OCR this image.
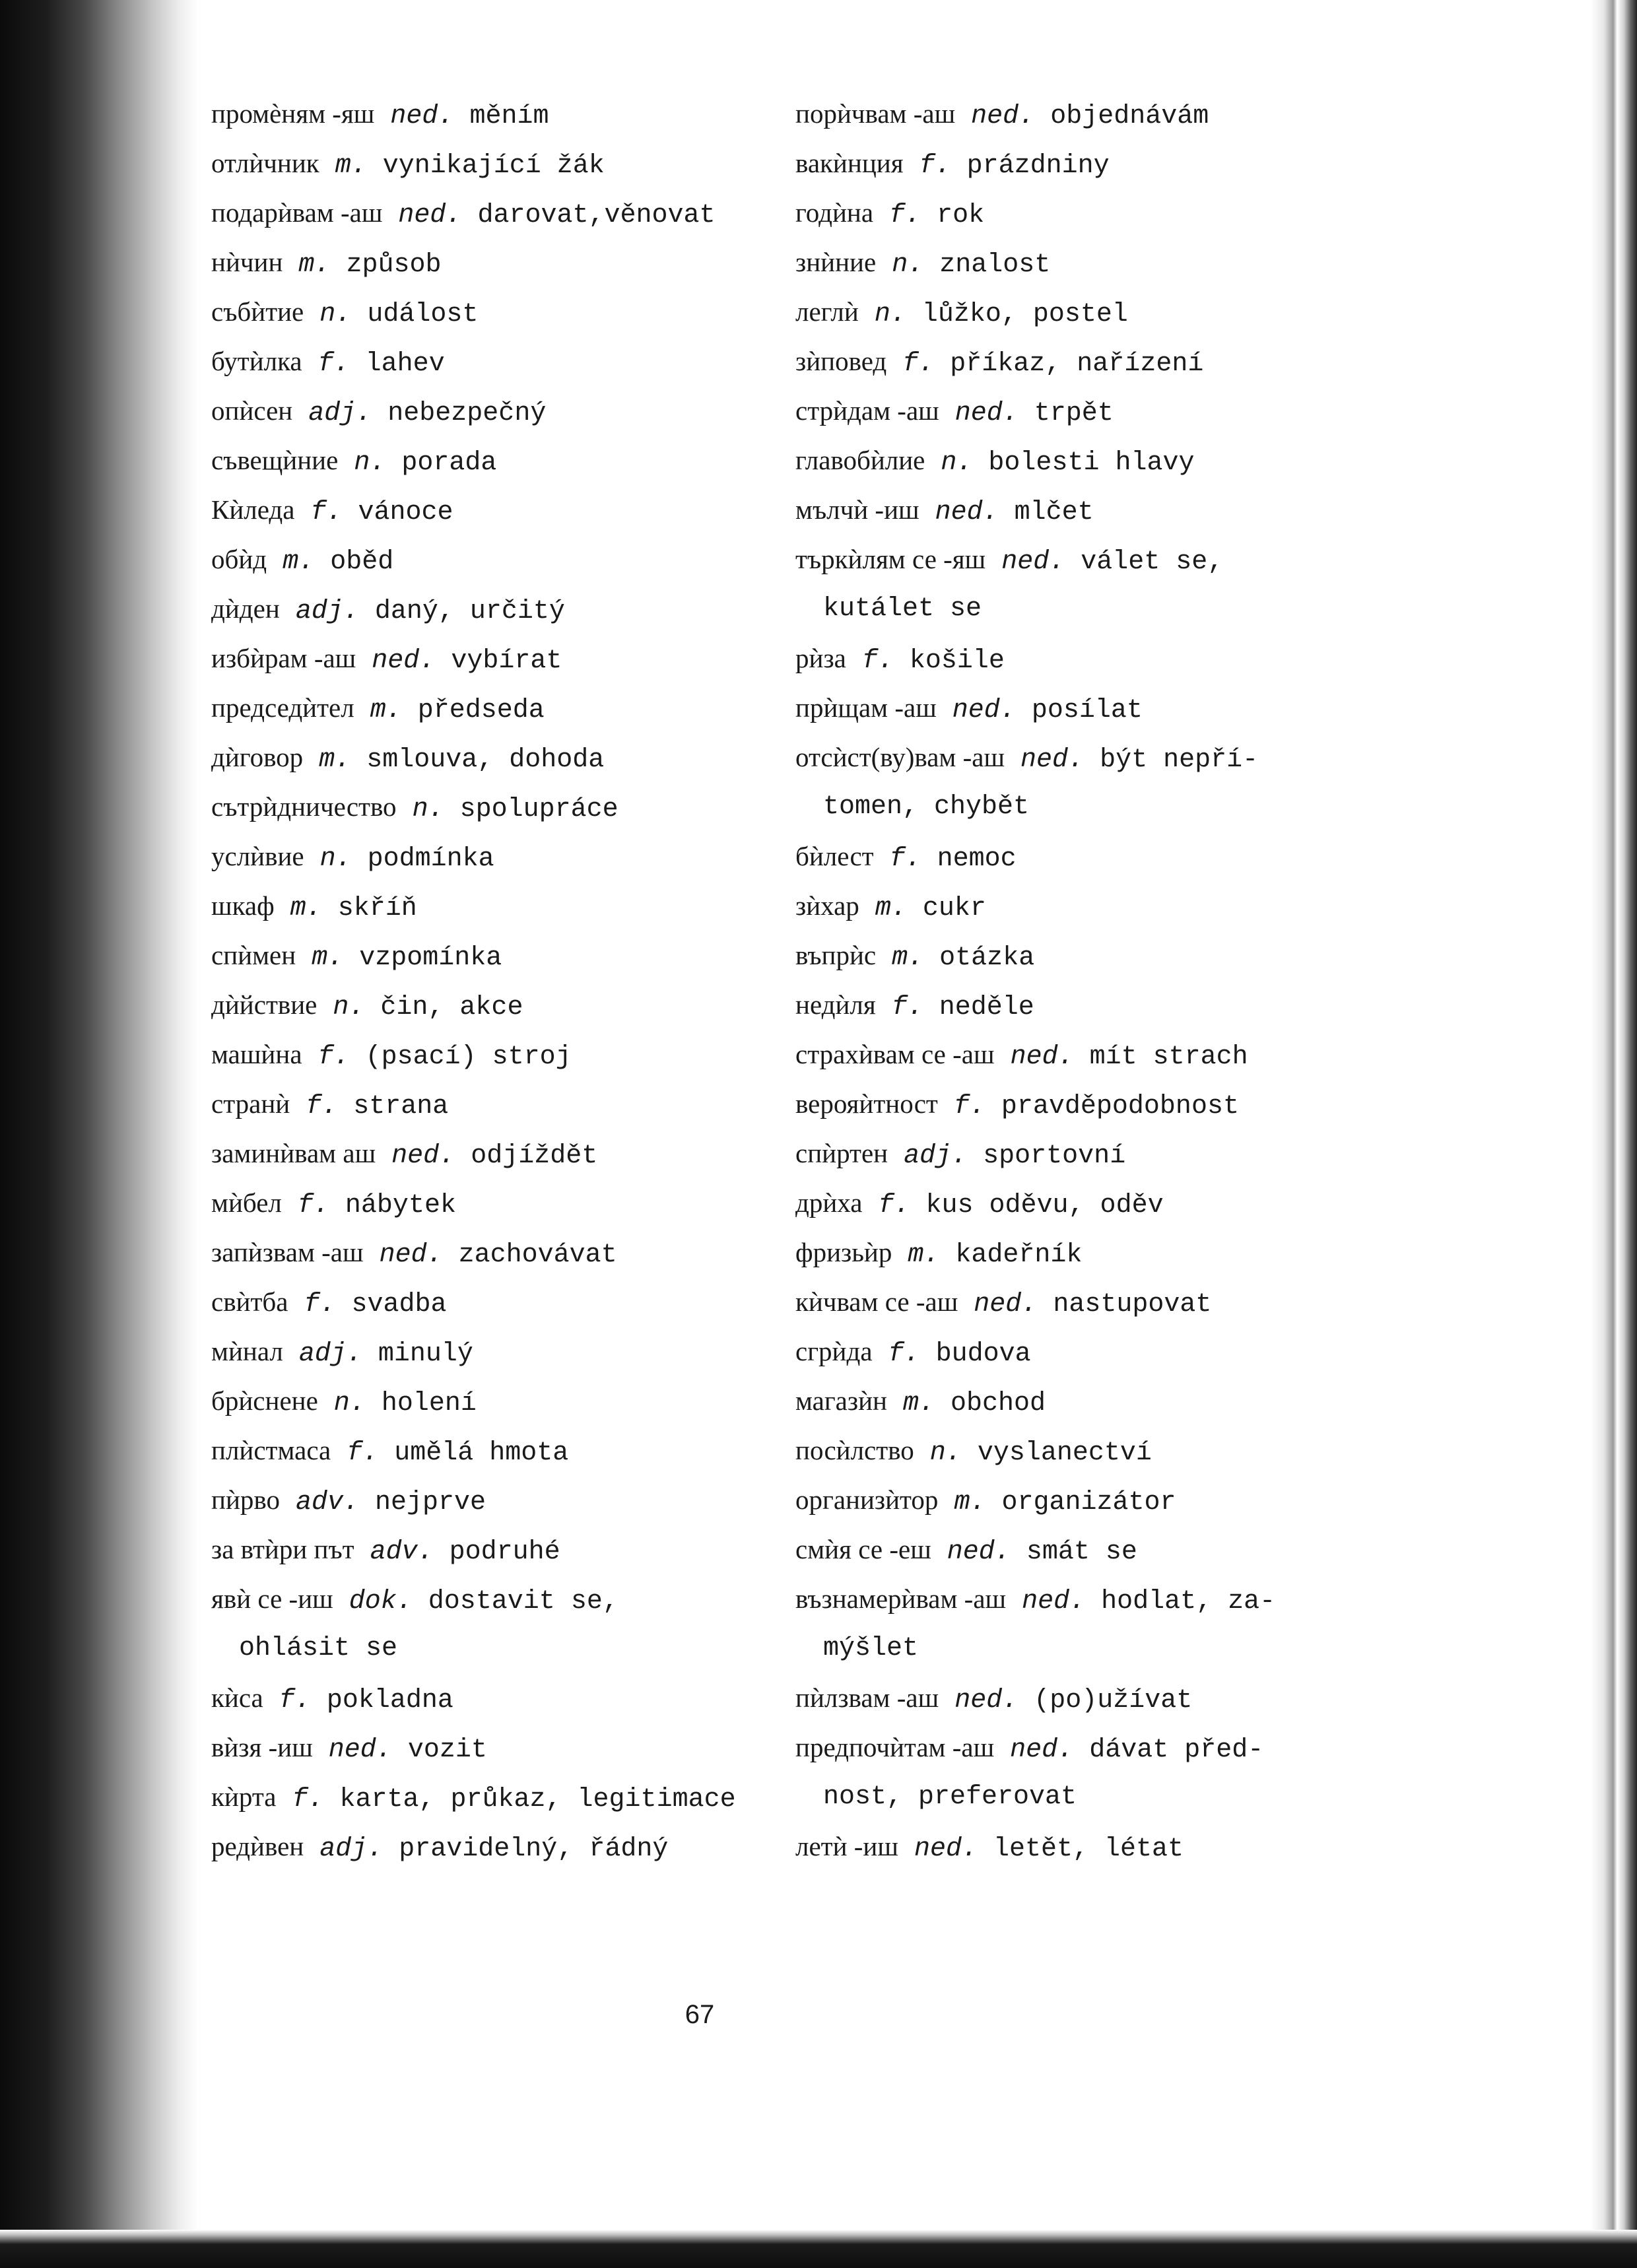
промѐням -яш ned. měním
отлѝчник m. vynikající žák
подарѝвам -аш ned. darovat,věnovat
нѝчин m. způsob
събѝтие n. událost
бутѝлка f. lahev
опѝсен adj. nebezpečný
съвещѝние n. porada
Кѝледа f. vánoce
обѝд m. oběd
дѝден adj. daný, určitý
избѝрам -аш ned. vybírat
председѝтел m. předseda
дѝговор m. smlouva, dohoda
сътрѝдничество n. spolupráce
услѝвие n. podmínka
шкаф m. skříň
спѝмен m. vzpomínka
дѝйствие n. čin, akce
машѝна f. (psací) stroj
странѝ f. strana
заминѝвам аш ned. odjíždět
мѝбел f. nábytek
запѝзвам -аш ned. zachovávat
свѝтба f. svadba
мѝнал adj. minulý
брѝснене n. holení
плѝстмаса f. umělá hmota
пѝрво adv. nejprve
за втѝри път adv. podruhé
явѝ се -иш dok. dostavit se,
ohlásit se
кѝса f. pokladna
вѝзя -иш ned. vozit
кѝрта f. karta, průkaz, legitimace
редѝвен adj. pravidelný, řádný
порѝчвам -аш ned. objednávám
вакѝнция f. prázdniny
годѝна f. rok
знѝние n. znalost
леглѝ n. lůžko, postel
зѝповед f. příkaz, nařízení
стрѝдам -аш ned. trpět
главобѝлие n. bolesti hlavy
мълчѝ -иш ned. mlčet
търкѝлям се -яш ned. válet se,
kutálet se
рѝза f. košile
прѝщам -аш ned. posílat
отсѝст(ву)вам -аш ned. být nepří-
tomen, chybět
бѝлест f. nemoc
зѝхар m. cukr
въпрѝс m. otázka
недѝля f. neděle
страхѝвам се -аш ned. mít strach
верояѝтност f. pravděpodobnost
спѝртен adj. sportovní
дрѝха f. kus oděvu, oděv
фризьѝр m. kadeřník
кѝчвам се -аш ned. nastupovat
сгрѝда f. budova
магазѝн m. obchod
посѝлство n. vyslanectví
организѝтор m. organizátor
смѝя се -еш ned. smát se
възнамерѝвам -аш ned. hodlat, za-
mýšlet
пѝлзвам -аш ned. (po)užívat
предпочѝтам -аш ned. dávat před-
nost, preferovat
летѝ -иш ned. letět, létat
67
